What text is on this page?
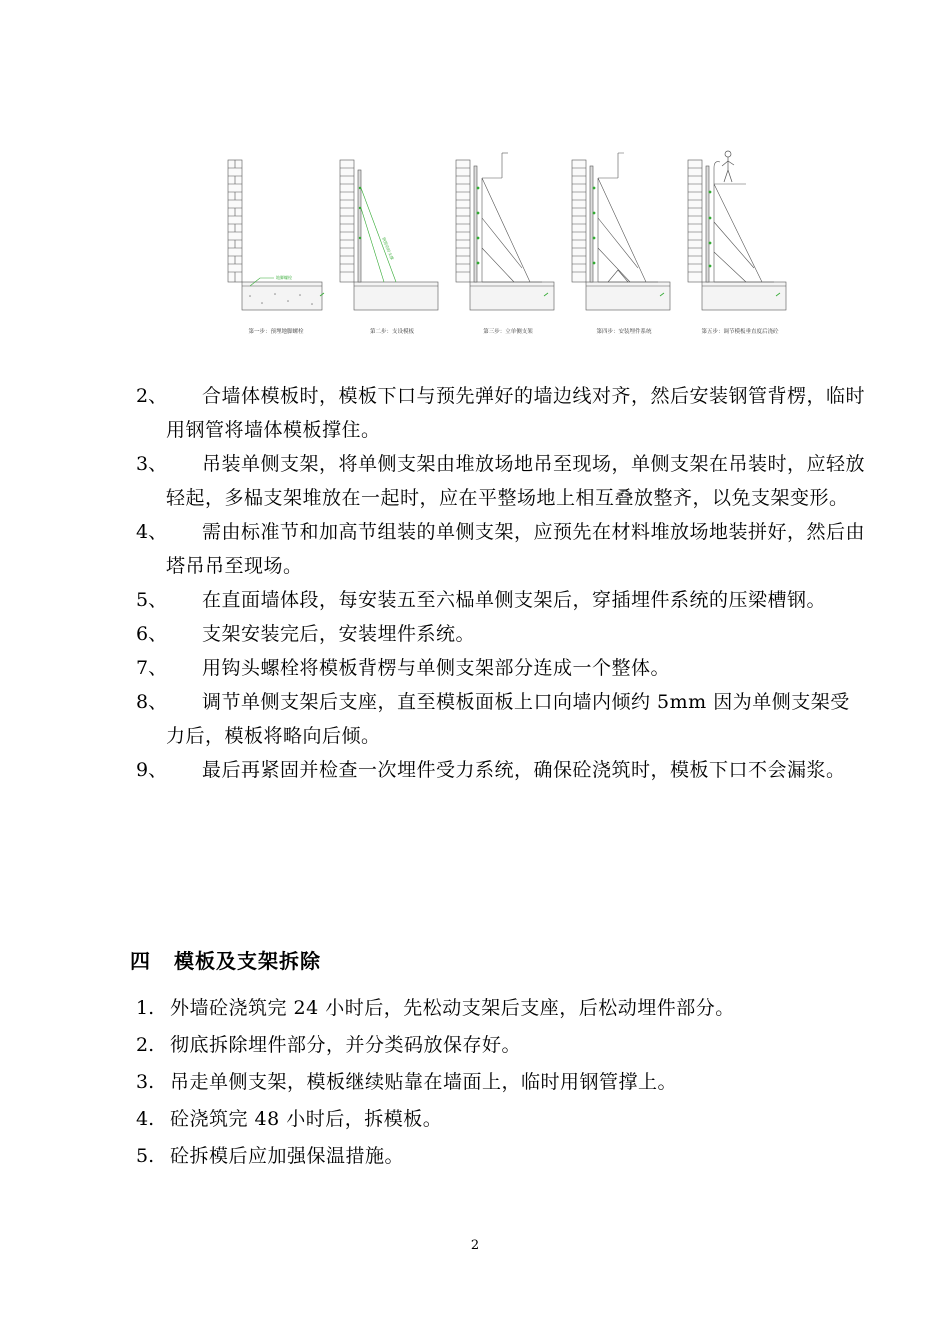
地脚螺栓
第一步：预埋地脚螺栓
钢管临时支撑
第二步：支设模板	第三步：立单侧支架	第四步：安装埋件系统	第五步：调节模板垂直度后浇砼
2、	合墙体模板时，模板下口与预先弹好的墙边线对齐，然后安装钢管背楞，临时用钢管将墙体模板撑住。
3、	吊装单侧支架，将单侧支架由堆放场地吊至现场，单侧支架在吊装时，应轻放轻起，多榀支架堆放在一起时，应在平整场地上相互叠放整齐，以免支架变形。
4、	需由标准节和加高节组装的单侧支架，应预先在材料堆放场地装拼好，然后由塔吊吊至现场。
5、	在直面墙体段，每安装五至六榀单侧支架后，穿插埋件系统的压梁槽钢。
6、	支架安装完后，安装埋件系统。
7、	用钩头螺栓将模板背楞与单侧支架部分连成一个整体。
8、	调节单侧支架后支座，直至模板面板上口向墙内倾约 5mm 因为单侧支架受力后，模板将略向后倾。
9、	最后再紧固并检查一次埋件受力系统，确保砼浇筑时，模板下口不会漏浆。
四 模板及支架拆除
1. 外墙砼浇筑完 24 小时后，先松动支架后支座，后松动埋件部分。
2. 彻底拆除埋件部分，并分类码放保存好。
3. 吊走单侧支架，模板继续贴靠在墙面上，临时用钢管撑上。
4. 砼浇筑完 48 小时后，拆模板。
5. 砼拆模后应加强保温措施。
2
